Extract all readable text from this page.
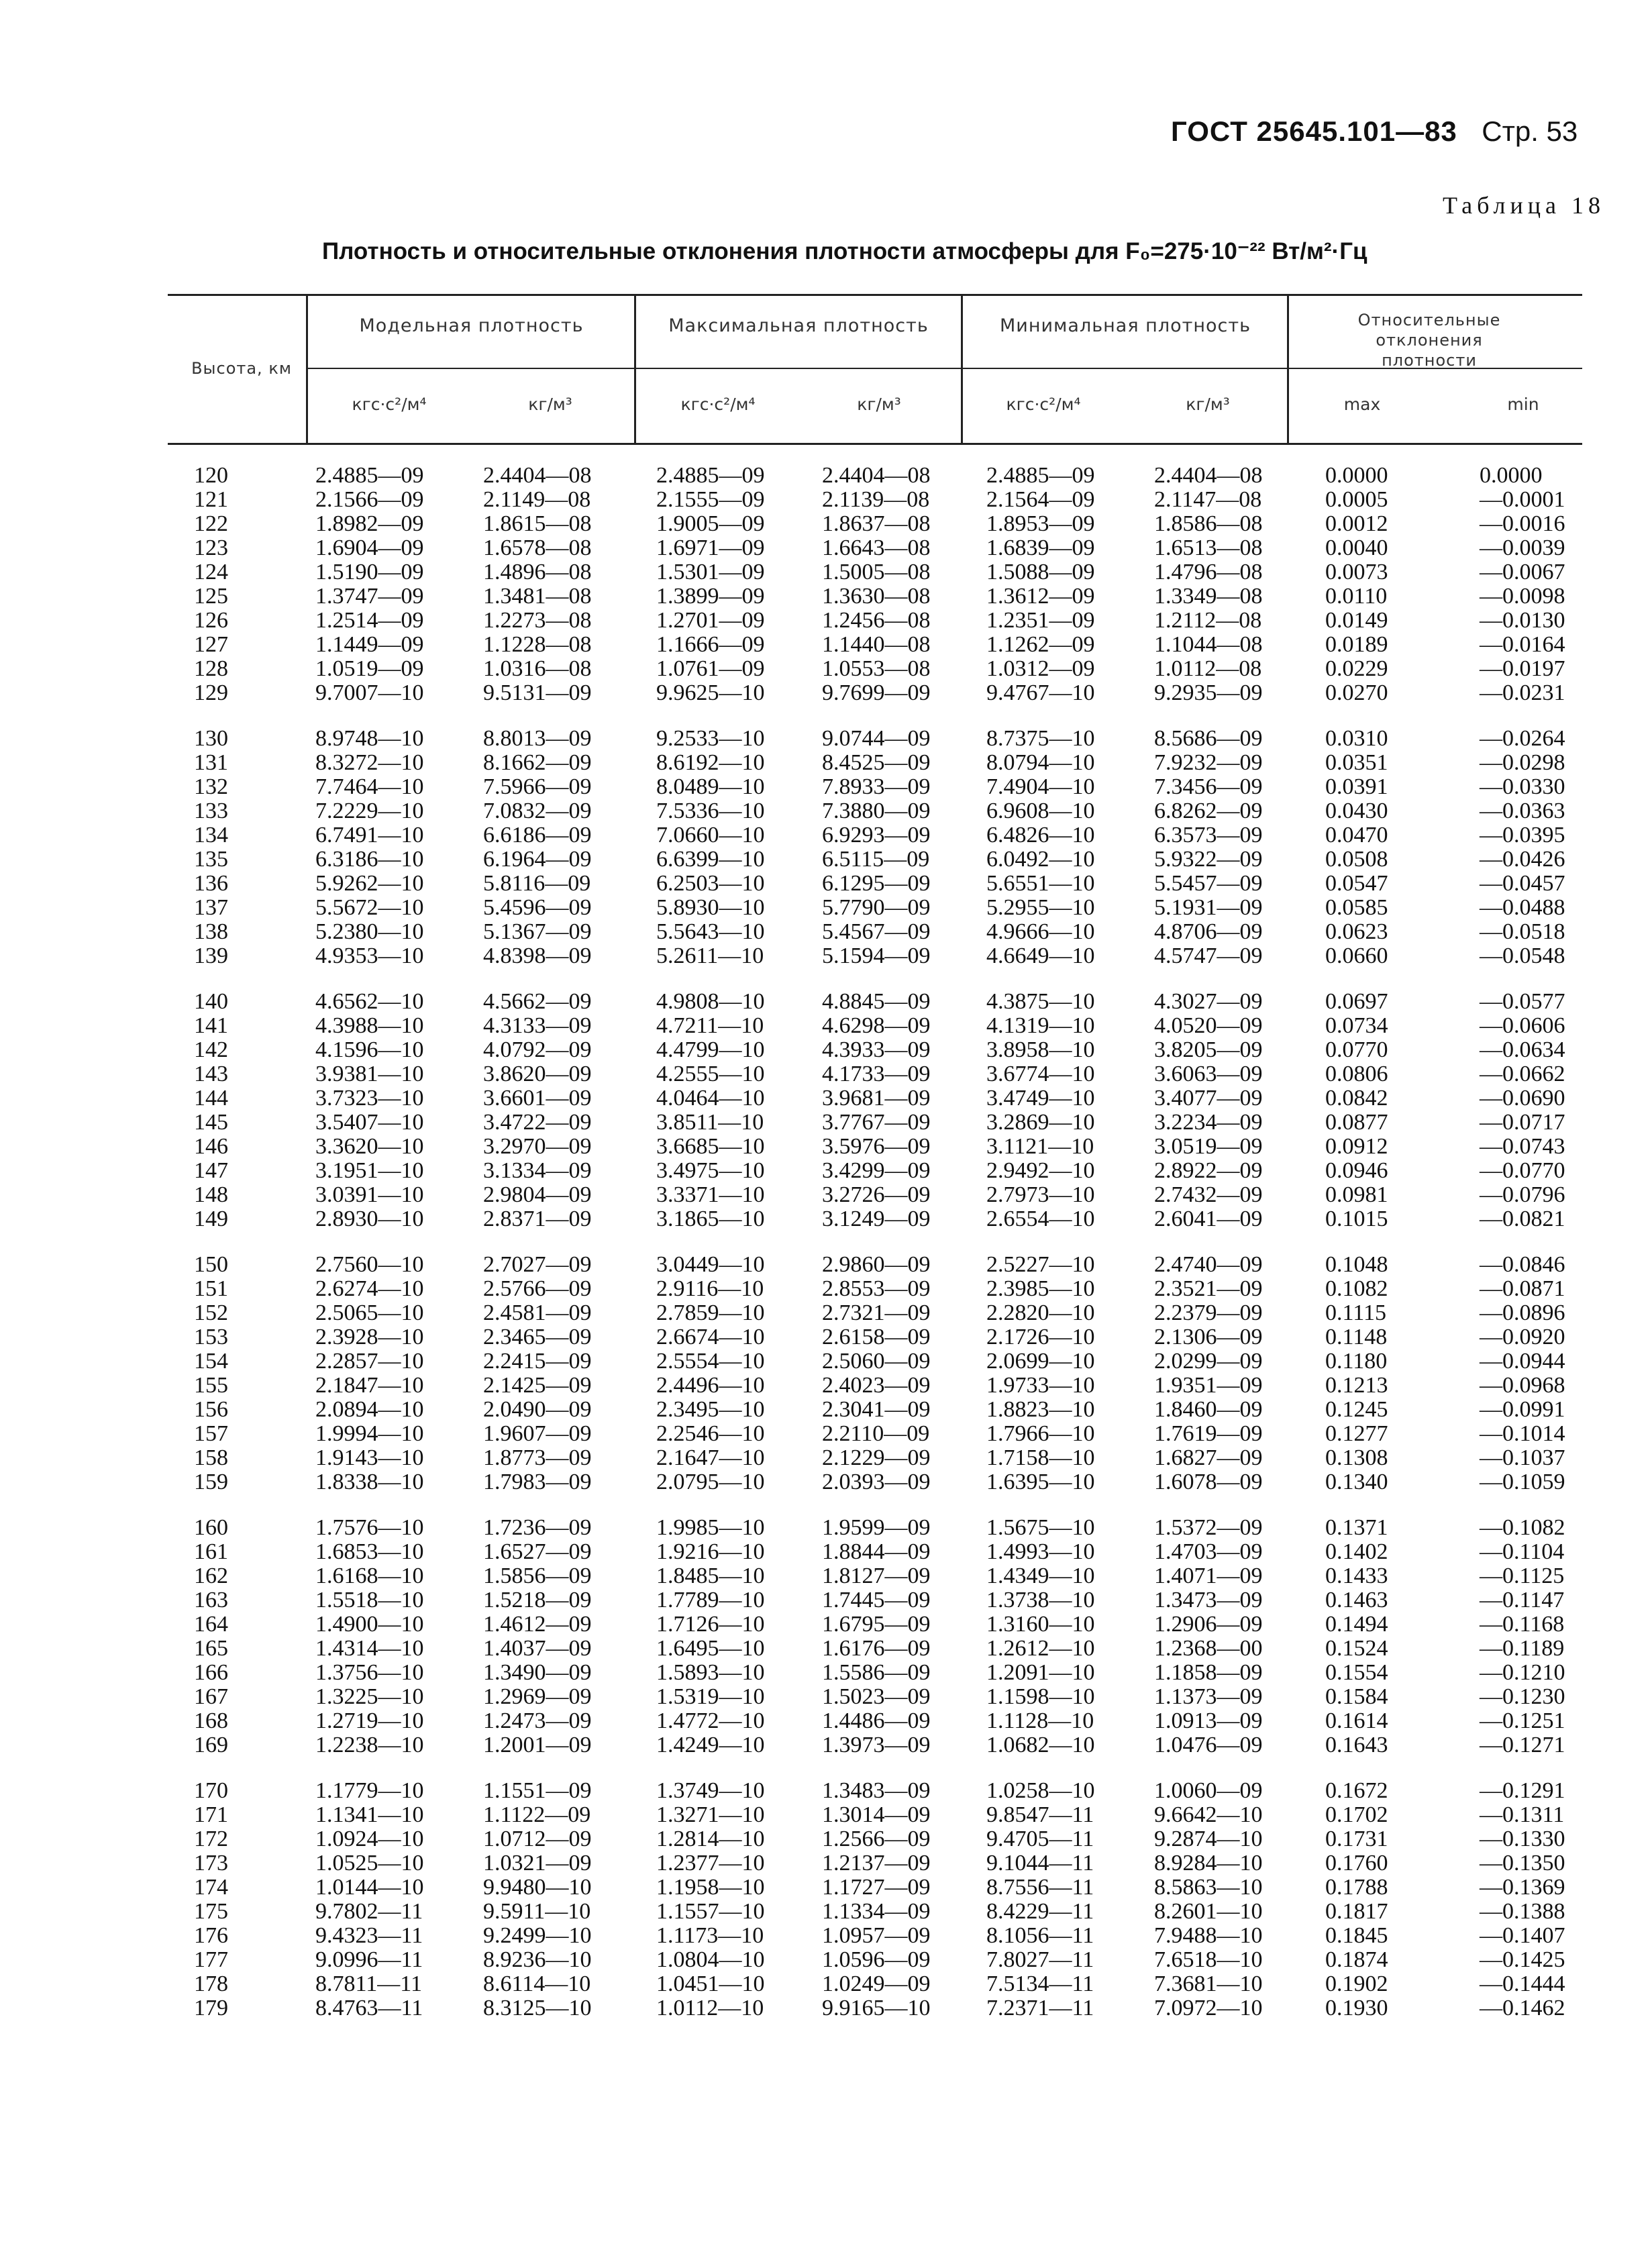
ГОСТ 25645.101—83 Стр. 53
Таблица 18
Плотность и относительные отклонения плотности атмосферы для F₀=275·10⁻²² Вт/м²·Гц
Высота, км
Модельная плотность	Максимальная плотность	Минимальная плотность	Относительные отклонения плотности
кгс·с²/м⁴	кг/м³	кгс·с²/м⁴	кг/м³	кгс·с²/м⁴	кг/м³	max	min
120	2.4885—09	2.4404—08	2.4885—09	2.4404—08 2.4885—09	2.4404—08	0.0000	0.0000
121	2.1566—09	2.1149—08	2.1555—09	2.1139—08 2.1564—09	2.1147—08	0.0005	—0.0001
122	1.8982—09	1.8615—08	1.9005—09	1.8637—08 1.8953—09	1.8586—08	0.0012	—0.0016
123	1.6904—09	1.6578—08	1.6971—09	1.6643—08 1.6839—09	1.6513—08	0.0040	—0.0039
124	1.5190—09	1.4896—08	1.5301—09	1.5005—08 1.5088—09	1.4796—08	0.0073	—0.0067
125	1.3747—09	1.3481—08	1.3899—09	1.3630—08 1.3612—09	1.3349—08	0.0110	—0.0098
126	1.2514—09	1.2273—08	1.2701—09	1.2456—08 1.2351—09	1.2112—08	0.0149	—0.0130
127	1.1449—09	1.1228—08	1.1666—09	1.1440—08 1.1262—09	1.1044—08	0.0189	—0.0164
128	1.0519—09	1.0316—08	1.0761—09	1.0553—08 1.0312—09	1.0112—08	0.0229	—0.0197
129	9.7007—10	9.5131—09	9.9625—10	9.7699—09 9.4767—10	9.2935—09	0.0270	—0.0231
130	8.9748—10	8.8013—09	9.2533—10	9.0744—09 8.7375—10	8.5686—09	0.0310	—0.0264
131	8.3272—10	8.1662—09	8.6192—10	8.4525—09 8.0794—10	7.9232—09	0.0351	—0.0298
132	7.7464—10	7.5966—09	8.0489—10	7.8933—09 7.4904—10	7.3456—09	0.0391	—0.0330
133	7.2229—10	7.0832—09	7.5336—10	7.3880—09 6.9608—10	6.8262—09	0.0430	—0.0363
134	6.7491—10	6.6186—09	7.0660—10	6.9293—09 6.4826—10	6.3573—09	0.0470	—0.0395
135	6.3186—10	6.1964—09	6.6399—10	6.5115—09 6.0492—10	5.9322—09	0.0508	—0.0426
136	5.9262—10	5.8116—09	6.2503—10	6.1295—09 5.6551—10	5.5457—09	0.0547	—0.0457
137	5.5672—10	5.4596—09	5.8930—10	5.7790—09 5.2955—10	5.1931—09	0.0585	—0.0488
138	5.2380—10	5.1367—09	5.5643—10	5.4567—09 4.9666—10	4.8706—09	0.0623	—0.0518
139	4.9353—10	4.8398—09	5.2611—10	5.1594—09 4.6649—10	4.5747—09	0.0660	—0.0548
140	4.6562—10	4.5662—09	4.9808—10	4.8845—09 4.3875—10	4.3027—09	0.0697	—0.0577
141	4.3988—10	4.3133—09	4.7211—10	4.6298—09 4.1319—10	4.0520—09	0.0734	—0.0606
142	4.1596—10	4.0792—09	4.4799—10	4.3933—09 3.8958—10	3.8205—09	0.0770	—0.0634
143	3.9381—10	3.8620—09	4.2555—10	4.1733—09 3.6774—10	3.6063—09	0.0806	—0.0662
144	3.7323—10	3.6601—09	4.0464—10	3.9681—09 3.4749—10	3.4077—09	0.0842	—0.0690
145	3.5407—10	3.4722—09	3.8511—10	3.7767—09 3.2869—10	3.2234—09	0.0877	—0.0717
146	3.3620—10	3.2970—09	3.6685—10	3.5976—09 3.1121—10	3.0519—09	0.0912	—0.0743
147	3.1951—10	3.1334—09	3.4975—10	3.4299—09 2.9492—10	2.8922—09	0.0946	—0.0770
148	3.0391—10	2.9804—09	3.3371—10	3.2726—09 2.7973—10	2.7432—09	0.0981	—0.0796
149	2.8930—10	2.8371—09	3.1865—10	3.1249—09 2.6554—10	2.6041—09	0.1015	—0.0821
150	2.7560—10	2.7027—09	3.0449—10	2.9860—09 2.5227—10	2.4740—09	0.1048	—0.0846
151	2.6274—10	2.5766—09	2.9116—10	2.8553—09 2.3985—10	2.3521—09	0.1082	—0.0871
152	2.5065—10	2.4581—09	2.7859—10	2.7321—09 2.2820—10	2.2379—09	0.1115	—0.0896
153	2.3928—10	2.3465—09	2.6674—10	2.6158—09 2.1726—10	2.1306—09	0.1148	—0.0920
154	2.2857—10	2.2415—09	2.5554—10	2.5060—09 2.0699—10	2.0299—09	0.1180	—0.0944
155	2.1847—10	2.1425—09	2.4496—10	2.4023—09 1.9733—10	1.9351—09	0.1213	—0.0968
156	2.0894—10	2.0490—09	2.3495—10	2.3041—09 1.8823—10	1.8460—09	0.1245	—0.0991
157	1.9994—10	1.9607—09	2.2546—10	2.2110—09 1.7966—10	1.7619—09	0.1277	—0.1014
158	1.9143—10	1.8773—09	2.1647—10	2.1229—09 1.7158—10	1.6827—09	0.1308	—0.1037
159	1.8338—10	1.7983—09	2.0795—10	2.0393—09 1.6395—10	1.6078—09	0.1340	—0.1059
160	1.7576—10	1.7236—09	1.9985—10	1.9599—09 1.5675—10	1.5372—09	0.1371	—0.1082
161	1.6853—10	1.6527—09	1.9216—10	1.8844—09 1.4993—10	1.4703—09	0.1402	—0.1104
162	1.6168—10	1.5856—09	1.8485—10	1.8127—09 1.4349—10	1.4071—09	0.1433	—0.1125
163	1.5518—10	1.5218—09	1.7789—10	1.7445—09 1.3738—10	1.3473—09	0.1463	—0.1147
164	1.4900—10	1.4612—09	1.7126—10	1.6795—09 1.3160—10	1.2906—09	0.1494	—0.1168
165	1.4314—10	1.4037—09	1.6495—10	1.6176—09 1.2612—10	1.2368—00	0.1524	—0.1189
166	1.3756—10	1.3490—09	1.5893—10	1.5586—09 1.2091—10	1.1858—09	0.1554	—0.1210
167	1.3225—10	1.2969—09	1.5319—10	1.5023—09 1.1598—10	1.1373—09	0.1584	—0.1230
168	1.2719—10	1.2473—09	1.4772—10	1.4486—09 1.1128—10	1.0913—09	0.1614	—0.1251
169	1.2238—10	1.2001—09	1.4249—10	1.3973—09 1.0682—10	1.0476—09	0.1643	—0.1271
170	1.1779—10	1.1551—09	1.3749—10	1.3483—09 1.0258—10	1.0060—09	0.1672	—0.1291
171	1.1341—10	1.1122—09	1.3271—10	1.3014—09 9.8547—11	9.6642—10	0.1702	—0.1311
172	1.0924—10	1.0712—09	1.2814—10	1.2566—09 9.4705—11	9.2874—10	0.1731	—0.1330
173	1.0525—10	1.0321—09	1.2377—10	1.2137—09 9.1044—11	8.9284—10	0.1760	—0.1350
174	1.0144—10	9.9480—10	1.1958—10	1.1727—09 8.7556—11	8.5863—10	0.1788	—0.1369
175	9.7802—11	9.5911—10	1.1557—10	1.1334—09 8.4229—11	8.2601—10	0.1817	—0.1388
176	9.4323—11	9.2499—10	1.1173—10	1.0957—09 8.1056—11	7.9488—10	0.1845	—0.1407
177	9.0996—11	8.9236—10	1.0804—10	1.0596—09 7.8027—11	7.6518—10	0.1874	—0.1425
178	8.7811—11	8.6114—10	1.0451—10	1.0249—09 7.5134—11	7.3681—10	0.1902	—0.1444
179	8.4763—11	8.3125—10	1.0112—10	9.9165—10 7.2371—11	7.0972—10	0.1930	—0.1462
